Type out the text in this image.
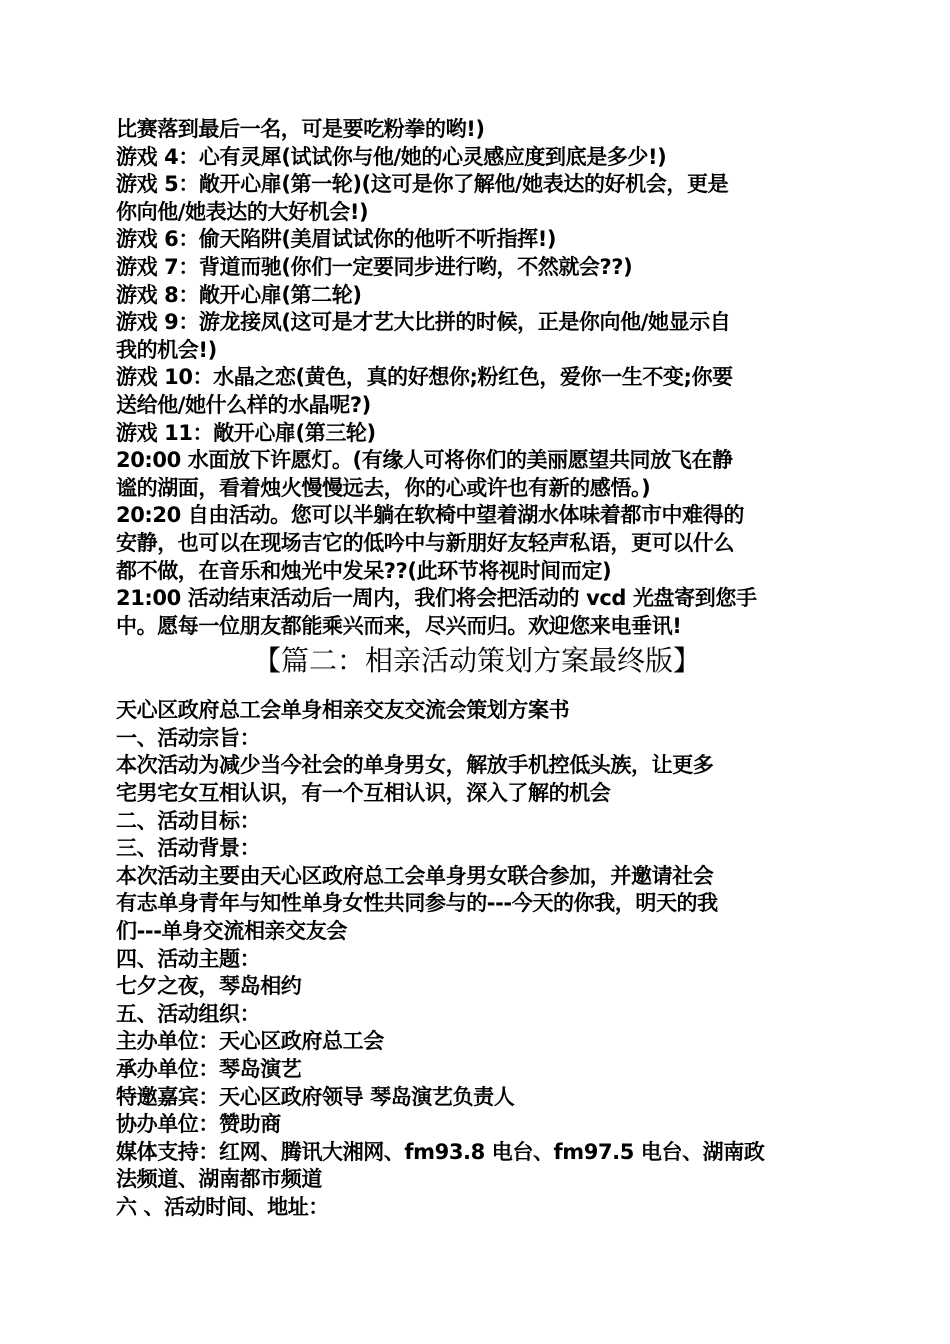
比赛落到最后一名，可是要吃粉拳的哟!)
游戏 4：心有灵犀(试试你与他/她的心灵感应度到底是多少!)
游戏 5：敞开心扉(第一轮)(这可是你了解他/她表达的好机会，更是
你向他/她表达的大好机会!)
游戏 6：偷天陷阱(美眉试试你的他听不听指挥!)
游戏 7：背道而驰(你们一定要同步进行哟，不然就会??)
游戏 8：敞开心扉(第二轮)
游戏 9：游龙接凤(这可是才艺大比拼的时候，正是你向他/她显示自
我的机会!)
游戏 10：水晶之恋(黄色，真的好想你;粉红色，爱你一生不变;你要
送给他/她什么样的水晶呢?)
游戏 11：敞开心扉(第三轮)
20:00 水面放下许愿灯。(有缘人可将你们的美丽愿望共同放飞在静
谧的湖面，看着烛火慢慢远去，你的心或许也有新的感悟。)
20:20 自由活动。您可以半躺在软椅中望着湖水体味着都市中难得的
安静，也可以在现场吉它的低吟中与新朋好友轻声私语，更可以什么
都不做，在音乐和烛光中发呆??(此环节将视时间而定)
21:00 活动结束活动后一周内，我们将会把活动的 vcd 光盘寄到您手
中。愿每一位朋友都能乘兴而来，尽兴而归。欢迎您来电垂讯!
【篇二：相亲活动策划方案最终版】
天心区政府总工会单身相亲交友交流会策划方案书
一、活动宗旨：
本次活动为减少当今社会的单身男女，解放手机控低头族，让更多
宅男宅女互相认识，有一个互相认识，深入了解的机会
二、活动目标：
三、活动背景：
本次活动主要由天心区政府总工会单身男女联合参加，并邀请社会
有志单身青年与知性单身女性共同参与的---今天的你我，明天的我
们---单身交流相亲交友会
四、活动主题：
七夕之夜，琴岛相约
五、活动组织：
主办单位：天心区政府总工会
承办单位：琴岛演艺
特邀嘉宾：天心区政府领导 琴岛演艺负责人
协办单位：赞助商
媒体支持：红网、腾讯大湘网、fm93.8 电台、fm97.5 电台、湖南政
法频道、湖南都市频道
六 、活动时间、地址：
